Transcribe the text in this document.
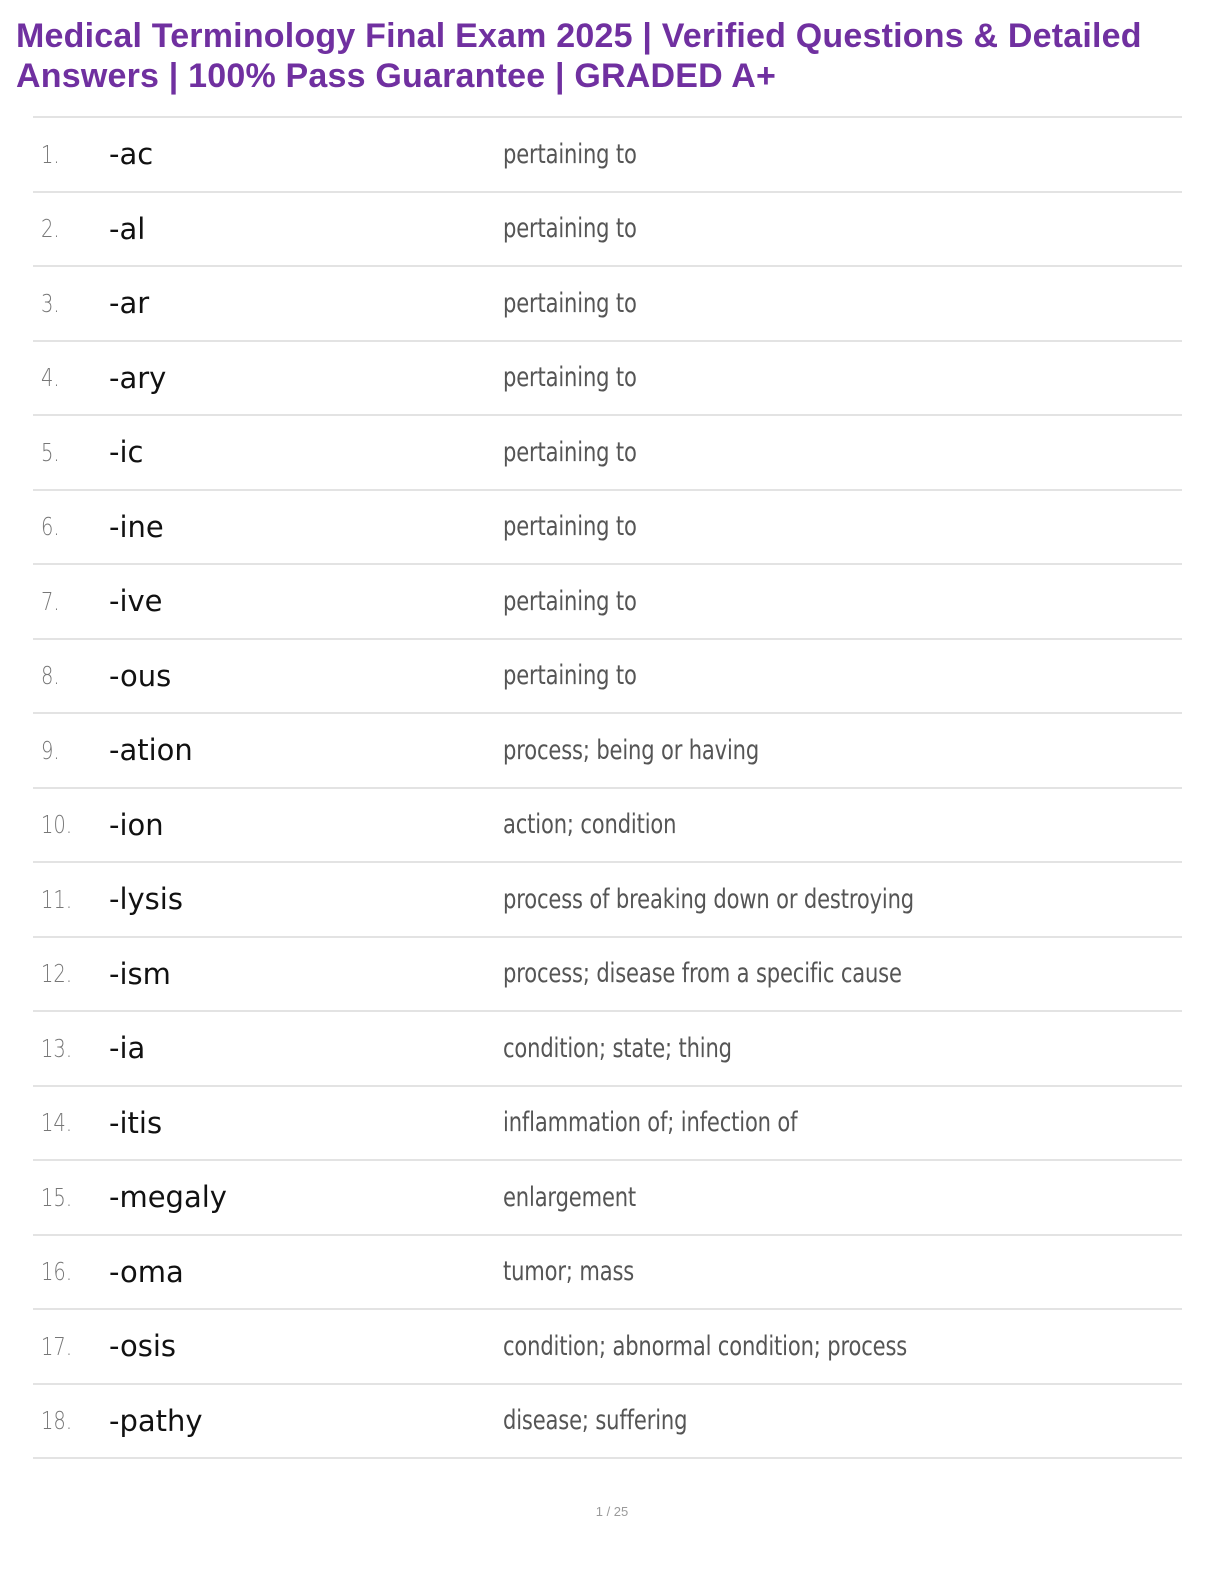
Medical Terminology Final Exam 2025 | Verified Questions & Detailed Answers | 100% Pass Guarantee | GRADED A+
1. -ac	pertaining to
2. -al	pertaining to
3. -ar	pertaining to
4. -ary	pertaining to
5. -ic	pertaining to
6. -ine	pertaining to
7. -ive	pertaining to
8. -ous	pertaining to
9. -ation	process; being or having
10. -ion	action; condition
11. -lysis	process of breaking down or destroying
12. -ism	process; disease from a specific cause
13. -ia	condition; state; thing
14. -itis	inflammation of; infection of
15. -megaly	enlargement
16. -oma	tumor; mass
17. -osis	condition; abnormal condition; process
18. -pathy	disease; suffering
1 / 25
